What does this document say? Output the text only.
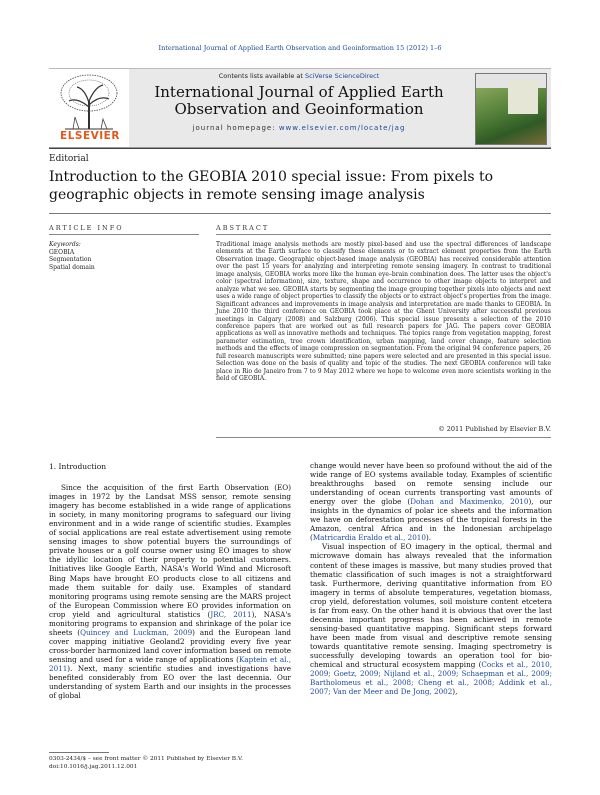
International Journal of Applied Earth Observation and Geoinformation 15 (2012) 1–6
ELSEVIER
Contents lists available at SciVerse ScienceDirect
International Journal of Applied Earth Observation and Geoinformation
journal homepage: www.elsevier.com/locate/jag
Editorial
Introduction to the GEOBIA 2010 special issue: From pixels to geographic objects in remote sensing image analysis
ARTICLE INFO	ABSTRACT
Keywords:
GEOBIA
Segmentation
Spatial domain
Traditional image analysis methods are mostly pixel-based and use the spectral differences of landscape elements at the Earth surface to classify these elements or to extract element properties from the Earth Observation image. Geographic object-based image analysis (GEOBIA) has received considerable attention over the past 15 years for analyzing and interpreting remote sensing imagery. In contrast to traditional image analysis, GEOBIA works more like the human eye–brain combination does. The latter uses the object's color (spectral information), size, texture, shape and occurrence to other image objects to interpret and analyze what we see. GEOBIA starts by segmenting the image grouping together pixels into objects and next uses a wide range of object properties to classify the objects or to extract object's properties from the image. Significant advances and improvements in image analysis and interpretation are made thanks to GEOBIA. In June 2010 the third conference on GEOBIA took place at the Ghent University after successful previous meetings in Calgary (2008) and Salzburg (2006). This special issue presents a selection of the 2010 conference papers that are worked out as full research papers for JAG. The papers cover GEOBIA applications as well as innovative methods and techniques. The topics range from vegetation mapping, forest parameter estimation, tree crown identification, urban mapping, land cover change, feature selection methods and the effects of image compression on segmentation. From the original 94 conference papers, 26 full research manuscripts were submitted; nine papers were selected and are presented in this special issue. Selection was done on the basis of quality and topic of the studies. The next GEOBIA conference will take place in Rio de Janeiro from 7 to 9 May 2012 where we hope to welcome even more scientists working in the field of GEOBIA.
© 2011 Published by Elsevier B.V.
1. Introduction

Since the acquisition of the first Earth Observation (EO) images in 1972 by the Landsat MSS sensor, remote sensing imagery has become established in a wide range of applications in society, in many monitoring programs to safeguard our living environment and in a wide range of scientific studies. Examples of social applications are real estate advertisement using remote sensing images to show potential buyers the surroundings of private houses or a golf course owner using EO images to show the idyllic location of their property to potential customers. Initiatives like Google Earth, NASA's World Wind and Microsoft Bing Maps have brought EO products close to all citizens and made them suitable for daily use. Examples of standard monitoring programs using remote sensing are the MARS project of the European Commission where EO provides information on crop yield and agricultural statistics (JRC, 2011), NASA's monitoring programs to expansion and shrinkage of the polar ice sheets (Quincey and Luckman, 2009) and the European land cover mapping initiative Geoland2 providing every five year cross-border harmonized land cover information based on remote sensing and used for a wide range of applications (Kaptein et al., 2011). Next, many scientific studies and investigations have benefited considerably from EO over the last decennia. Our understanding of system Earth and our insights in the processes of global

change would never have been so profound without the aid of the wide range of EO systems available today. Examples of scientific breakthroughs based on remote sensing include our understanding of ocean currents transporting vast amounts of energy over the globe (Dohan and Maximenko, 2010), our insights in the dynamics of polar ice sheets and the information we have on deforestation processes of the tropical forests in the Amazon, central Africa and in the Indonesian archipelago (Matricardia Eraldo et al., 2010).

Visual inspection of EO imagery in the optical, thermal and microwave domain has always revealed that the information content of these images is massive, but many studies proved that thematic classification of such images is not a straightforward task. Furthermore, deriving quantitative information from EO imagery in terms of absolute temperatures, vegetation biomass, crop yield, deforestation volumes, soil moisture content etcetera is far from easy. On the other hand it is obvious that over the last decennia important progress has been achieved in remote sensing-based quantitative mapping. Significant steps forward have been made from visual and descriptive remote sensing towards quantitative remote sensing. Imaging spectrometry is successfully developing towards an operation tool for bio-chemical and structural ecosystem mapping (Cocks et al., 2010, 2009; Goetz, 2009; Nijland et al., 2009; Schaepman et al., 2009; Bartholomeus et al., 2008; Cheng et al., 2008; Addink et al., 2007; Van der Meer and De Jong, 2002),

0303-2434/$ – see front matter © 2011 Published by Elsevier B.V.
doi:10.1016/j.jag.2011.12.001
